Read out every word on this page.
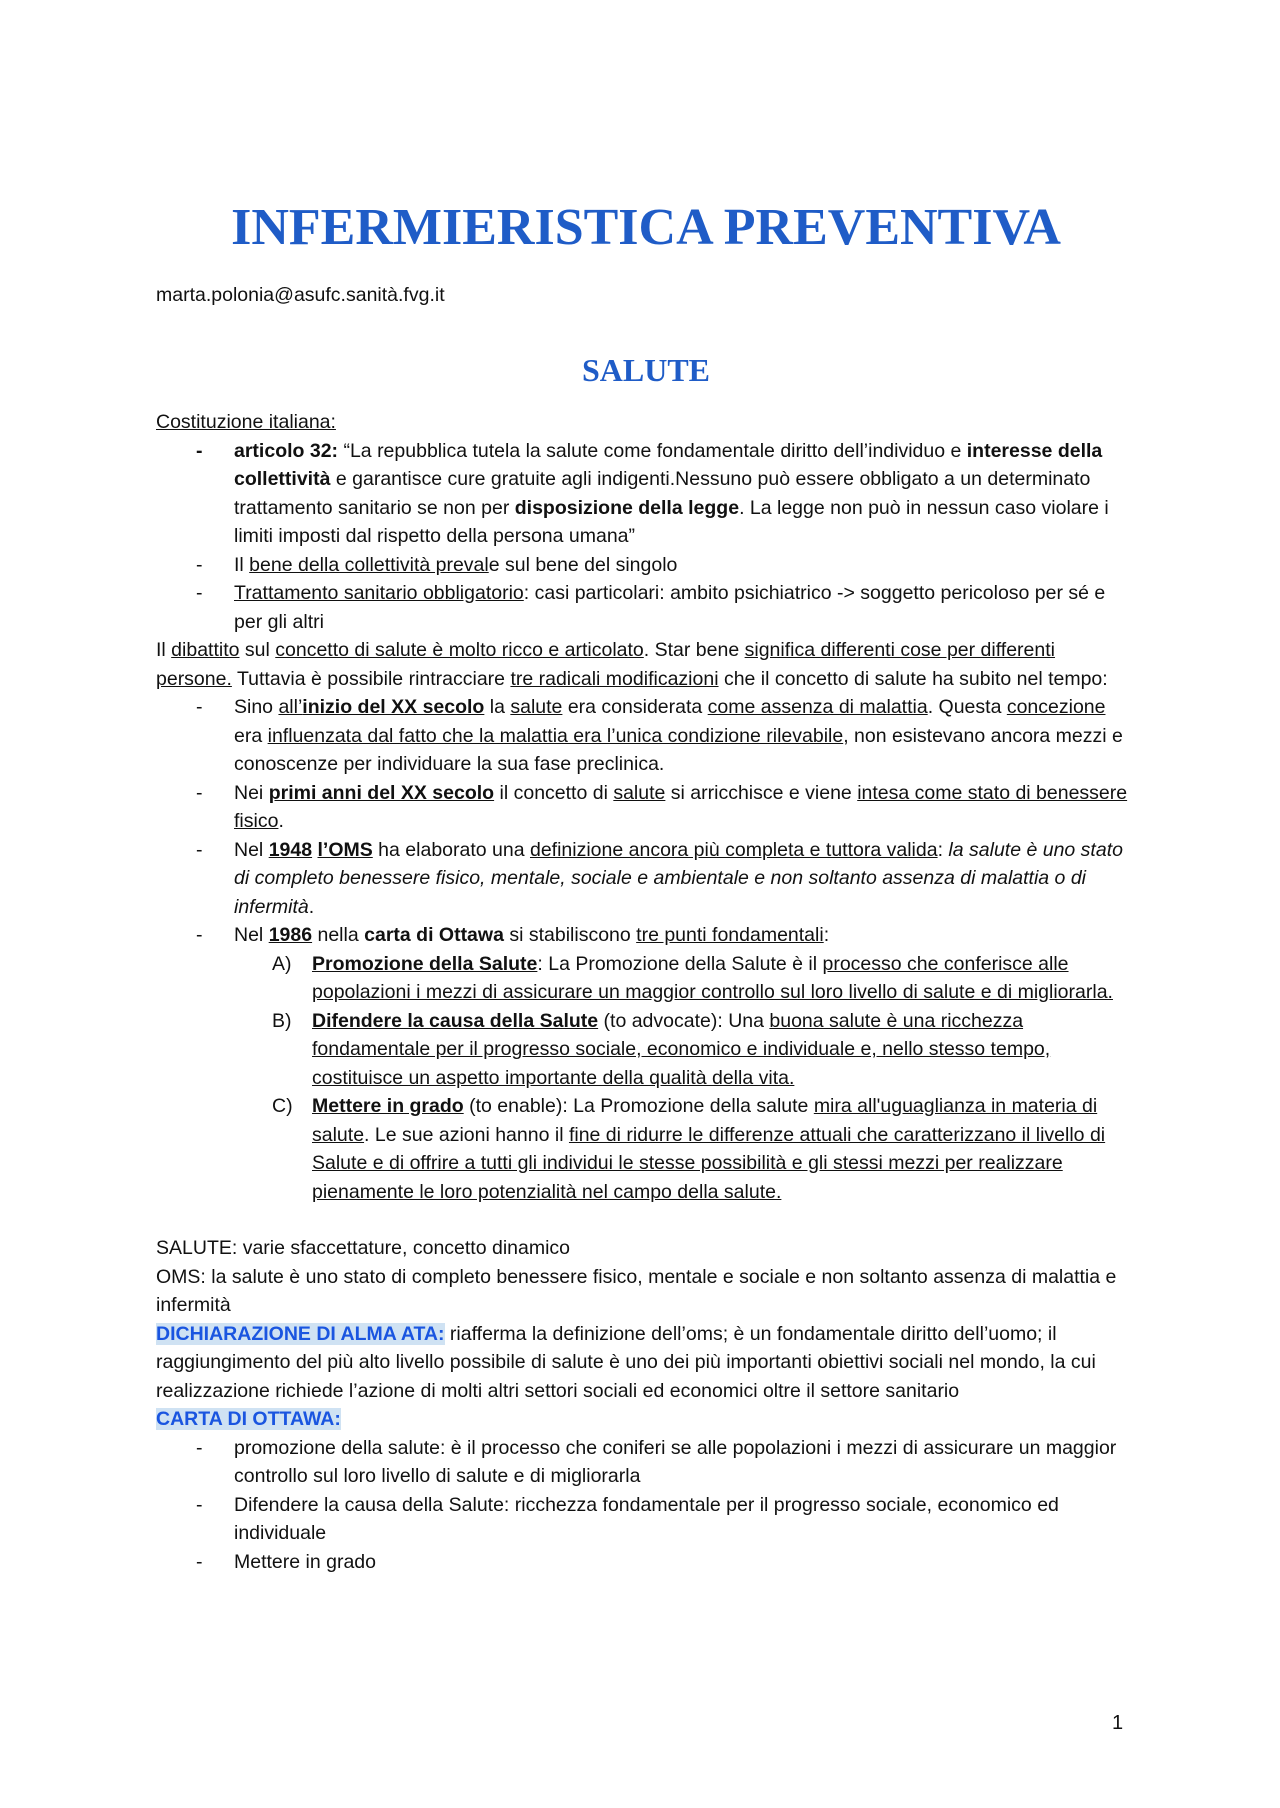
INFERMIERISTICA PREVENTIVA

marta.polonia@asufc.sanità.fvg.it

SALUTE

Costituzione italiana:

- articolo 32: “La repubblica tutela la salute come fondamentale diritto dell’individuo e interesse della collettività e garantisce cure gratuite agli indigenti.Nessuno può essere obbligato a un determinato trattamento sanitario se non per disposizione della legge. La legge non può in nessun caso violare i limiti imposti dal rispetto della persona umana”
- Il bene della collettività prevale sul bene del singolo
- Trattamento sanitario obbligatorio: casi particolari: ambito psichiatrico -> soggetto pericoloso per sé e per gli altri

Il dibattito sul concetto di salute è molto ricco e articolato. Star bene significa differenti cose per differenti persone. Tuttavia è possibile rintracciare tre radicali modificazioni che il concetto di salute ha subito nel tempo:

- Sino all’inizio del XX secolo la salute era considerata come assenza di malattia. Questa concezione era influenzata dal fatto che la malattia era l’unica condizione rilevabile, non esistevano ancora mezzi e conoscenze per individuare la sua fase preclinica.
- Nei primi anni del XX secolo il concetto di salute si arricchisce e viene intesa come stato di benessere fisico.
- Nel 1948 l’OMS ha elaborato una definizione ancora più completa e tuttora valida: la salute è uno stato di completo benessere fisico, mentale, sociale e ambientale e non soltanto assenza di malattia o di infermità.
- Nel 1986 nella carta di Ottawa si stabiliscono tre punti fondamentali:
A) Promozione della Salute: La Promozione della Salute è il processo che conferisce alle popolazioni i mezzi di assicurare un maggior controllo sul loro livello di salute e di migliorarla.
B) Difendere la causa della Salute (to advocate): Una buona salute è una ricchezza fondamentale per il progresso sociale, economico e individuale e, nello stesso tempo, costituisce un aspetto importante della qualità della vita.
C) Mettere in grado (to enable): La Promozione della salute mira all'uguaglianza in materia di salute. Le sue azioni hanno il fine di ridurre le differenze attuali che caratterizzano il livello di Salute e di offrire a tutti gli individui le stesse possibilità e gli stessi mezzi per realizzare pienamente le loro potenzialità nel campo della salute.

SALUTE: varie sfaccettature, concetto dinamico

OMS: la salute è uno stato di completo benessere fisico, mentale e sociale e non soltanto assenza di malattia e infermità

DICHIARAZIONE DI ALMA ATA: riafferma la definizione dell’oms; è un fondamentale diritto dell’uomo; il raggiungimento del più alto livello possibile di salute è uno dei più importanti obiettivi sociali nel mondo, la cui realizzazione richiede l’azione di molti altri settori sociali ed economici oltre il settore sanitario

CARTA DI OTTAWA:

- promozione della salute: è il processo che coniferi se alle popolazioni i mezzi di assicurare un maggior controllo sul loro livello di salute e di migliorarla
- Difendere la causa della Salute: ricchezza fondamentale per il progresso sociale, economico ed individuale
- Mettere in grado
1
